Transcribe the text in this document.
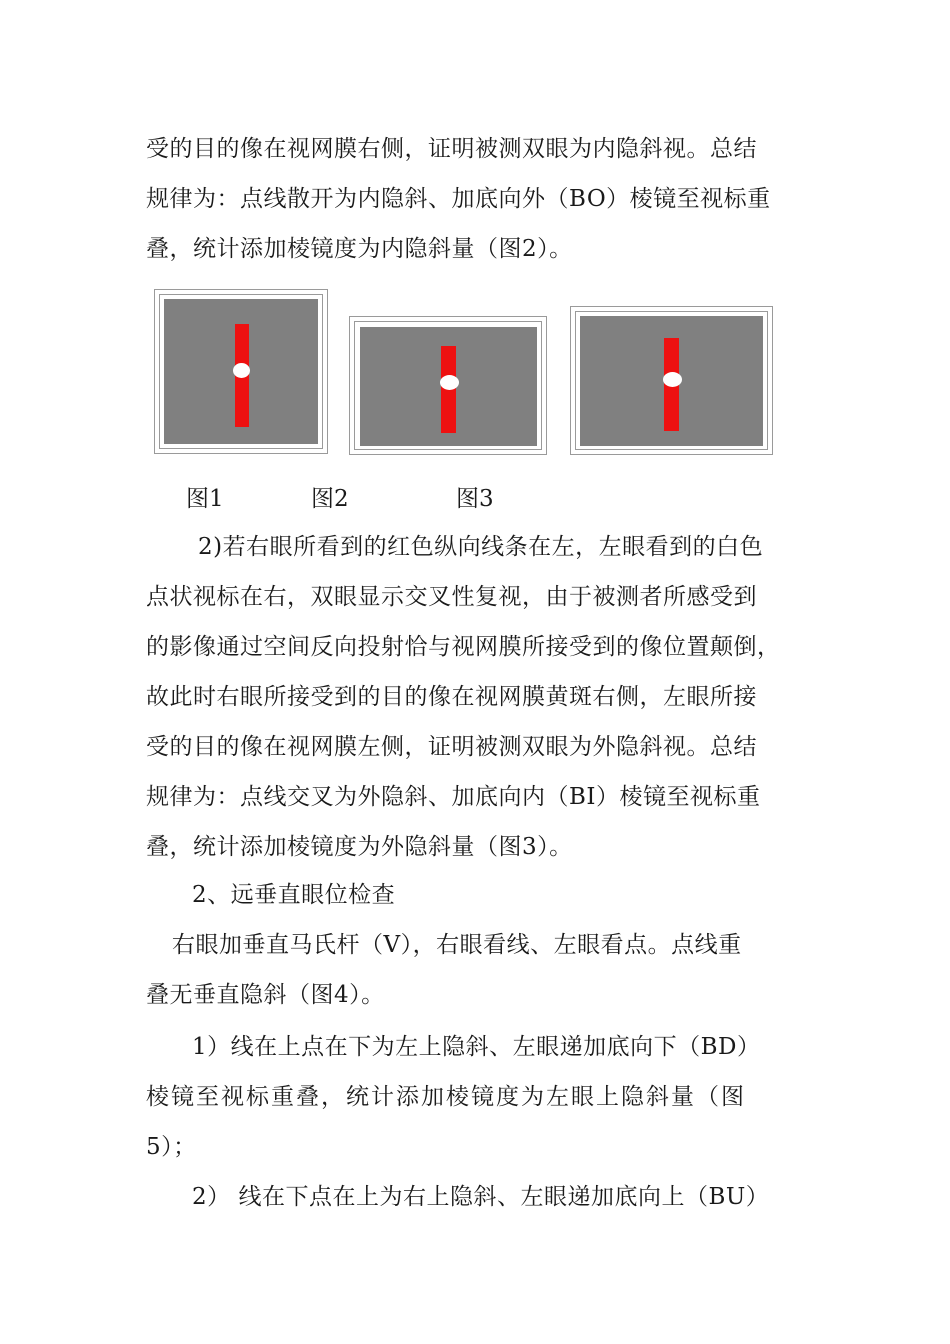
受的目的像在视网膜右侧，证明被测双眼为内隐斜视。总结
规律为：点线散开为内隐斜、加底向外（BO）棱镜至视标重
叠，统计添加棱镜度为内隐斜量（图2）。
图1	图2	图3
2)若右眼所看到的红色纵向线条在左，左眼看到的白色
点状视标在右，双眼显示交叉性复视，由于被测者所感受到
的影像通过空间反向投射恰与视网膜所接受到的像位置颠倒，
故此时右眼所接受到的目的像在视网膜黄斑右侧，左眼所接
受的目的像在视网膜左侧，证明被测双眼为外隐斜视。总结
规律为：点线交叉为外隐斜、加底向内（BI）棱镜至视标重
叠，统计添加棱镜度为外隐斜量（图3）。
2、远垂直眼位检查
右眼加垂直马氏杆（V），右眼看线、左眼看点。点线重
叠无垂直隐斜（图4）。
1）线在上点在下为左上隐斜、左眼递加底向下（BD）
棱镜至视标重叠，统计添加棱镜度为左眼上隐斜量（图
5）；
2） 线在下点在上为右上隐斜、左眼递加底向上（BU）
